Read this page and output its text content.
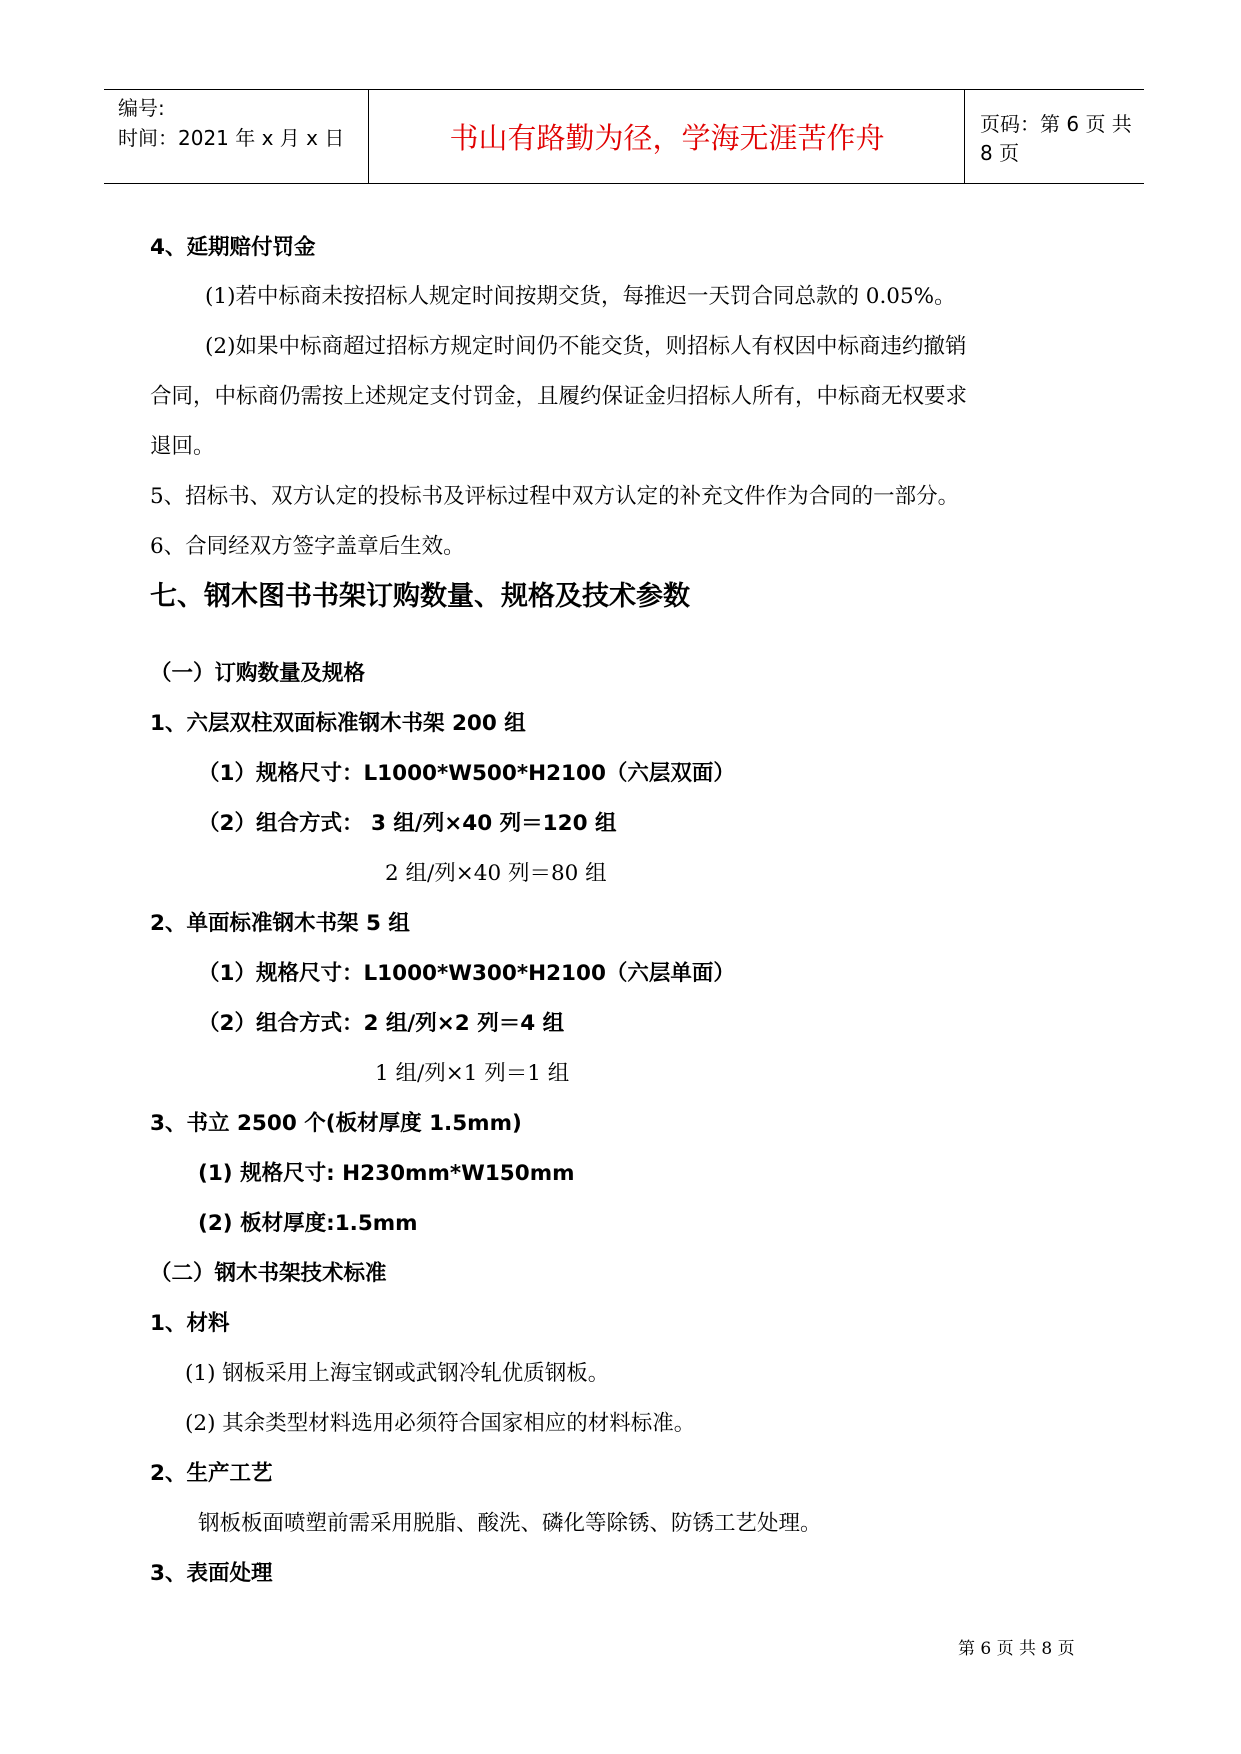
编号:
时间：2021 年 x 月 x 日	书山有路勤为径，学海无涯苦作舟	页码：第 6 页 共 8 页
4、延期赔付罚金
(1)若中标商未按招标人规定时间按期交货，每推迟一天罚合同总款的 0.05%。
(2)如果中标商超过招标方规定时间仍不能交货，则招标人有权因中标商违约撤销
合同，中标商仍需按上述规定支付罚金，且履约保证金归招标人所有，中标商无权要求
退回。
5、招标书、双方认定的投标书及评标过程中双方认定的补充文件作为合同的一部分。
6、合同经双方签字盖章后生效。
七、钢木图书书架订购数量、规格及技术参数
（一）订购数量及规格
1、六层双柱双面标准钢木书架 200 组
（1）规格尺寸：L1000*W500*H2100（六层双面）
（2）组合方式： 3 组/列×40 列＝120 组
2 组/列×40 列＝80 组
2、单面标准钢木书架 5 组
（1）规格尺寸：L1000*W300*H2100（六层单面）
（2）组合方式：2 组/列×2 列＝4 组
1 组/列×1 列＝1 组
3、书立 2500 个(板材厚度 1.5mm)
(1) 规格尺寸: H230mm*W150mm
(2) 板材厚度:1.5mm
（二）钢木书架技术标准
1、材料
(1) 钢板采用上海宝钢或武钢冷轧优质钢板。
(2) 其余类型材料选用必须符合国家相应的材料标准。
2、生产工艺
钢板板面喷塑前需采用脱脂、酸洗、磷化等除锈、防锈工艺处理。
3、表面处理
第 6 页 共 8 页
